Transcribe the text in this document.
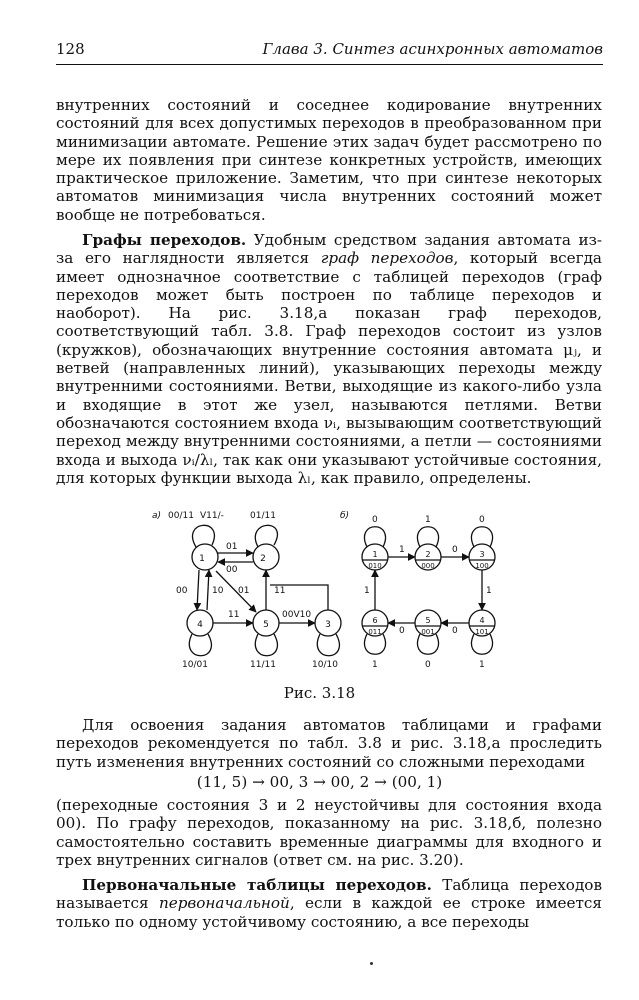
128	Глава 3. Синтез асинхронных автоматов
внутренних состояний и соседнее кодирование внутренних состояний для всех допустимых переходов в преобразованном при минимизации автомате. Решение этих задач будет рассмотрено по мере их появления при синтезе конкретных устройств, имеющих практическое приложение. Заметим, что при синтезе некоторых автоматов минимизация числа внутренних состояний может вообще не потребоваться.
Графы переходов. Удобным средством задания автомата из-за его наглядности является граф переходов, который всегда имеет однозначное соответствие с таблицей переходов (граф переходов может быть построен по таблице переходов и наоборот). На рис. 3.18,а показан граф переходов, соответствующий табл. 3.8. Граф переходов состоит из узлов (кружков), обозначающих внутренние состояния автомата μⱼ, и ветвей (направленных линий), указывающих переходы между внутренними состояниями. Ветви, выходящие из какого-либо узла и входящие в этот же узел, называются петлями. Ветви обозначаются состоянием входа νᵢ, вызывающим соответствующий переход между внутренними состояниями, а петли — состояниями входа и выхода νᵢ/λₗ, так как они указывают устойчивые состояния, для которых функции выхода λₗ, как правило, определены.
а) 00/11 V11/-	01/11
1	2
4	5	3
01
00
00	10 01	11
11	00V10
10/01	11/11	10/10
б)	0	1	0
1
010
2
000
3
100
6
011
5
001
4
101
1	0
1
0
0
1
1	0	1
Рис. 3.18
Для освоения задания автоматов таблицами и графами переходов рекомендуется по табл. 3.8 и рис. 3.18,а проследить путь изменения внутренних состояний со сложными переходами
(11, 5) → 00, 3 → 00, 2 → (00, 1)
(переходные состояния 3 и 2 неустойчивы для состояния входа 00). По графу переходов, показанному на рис. 3.18,б, полезно самостоятельно составить временные диаграммы для входного и трех внутренних сигналов (ответ см. на рис. 3.20).
Первоначальные таблицы переходов. Таблица переходов называется первоначальной, если в каждой ее строке имеется только по одному устойчивому состоянию, а все переходы
